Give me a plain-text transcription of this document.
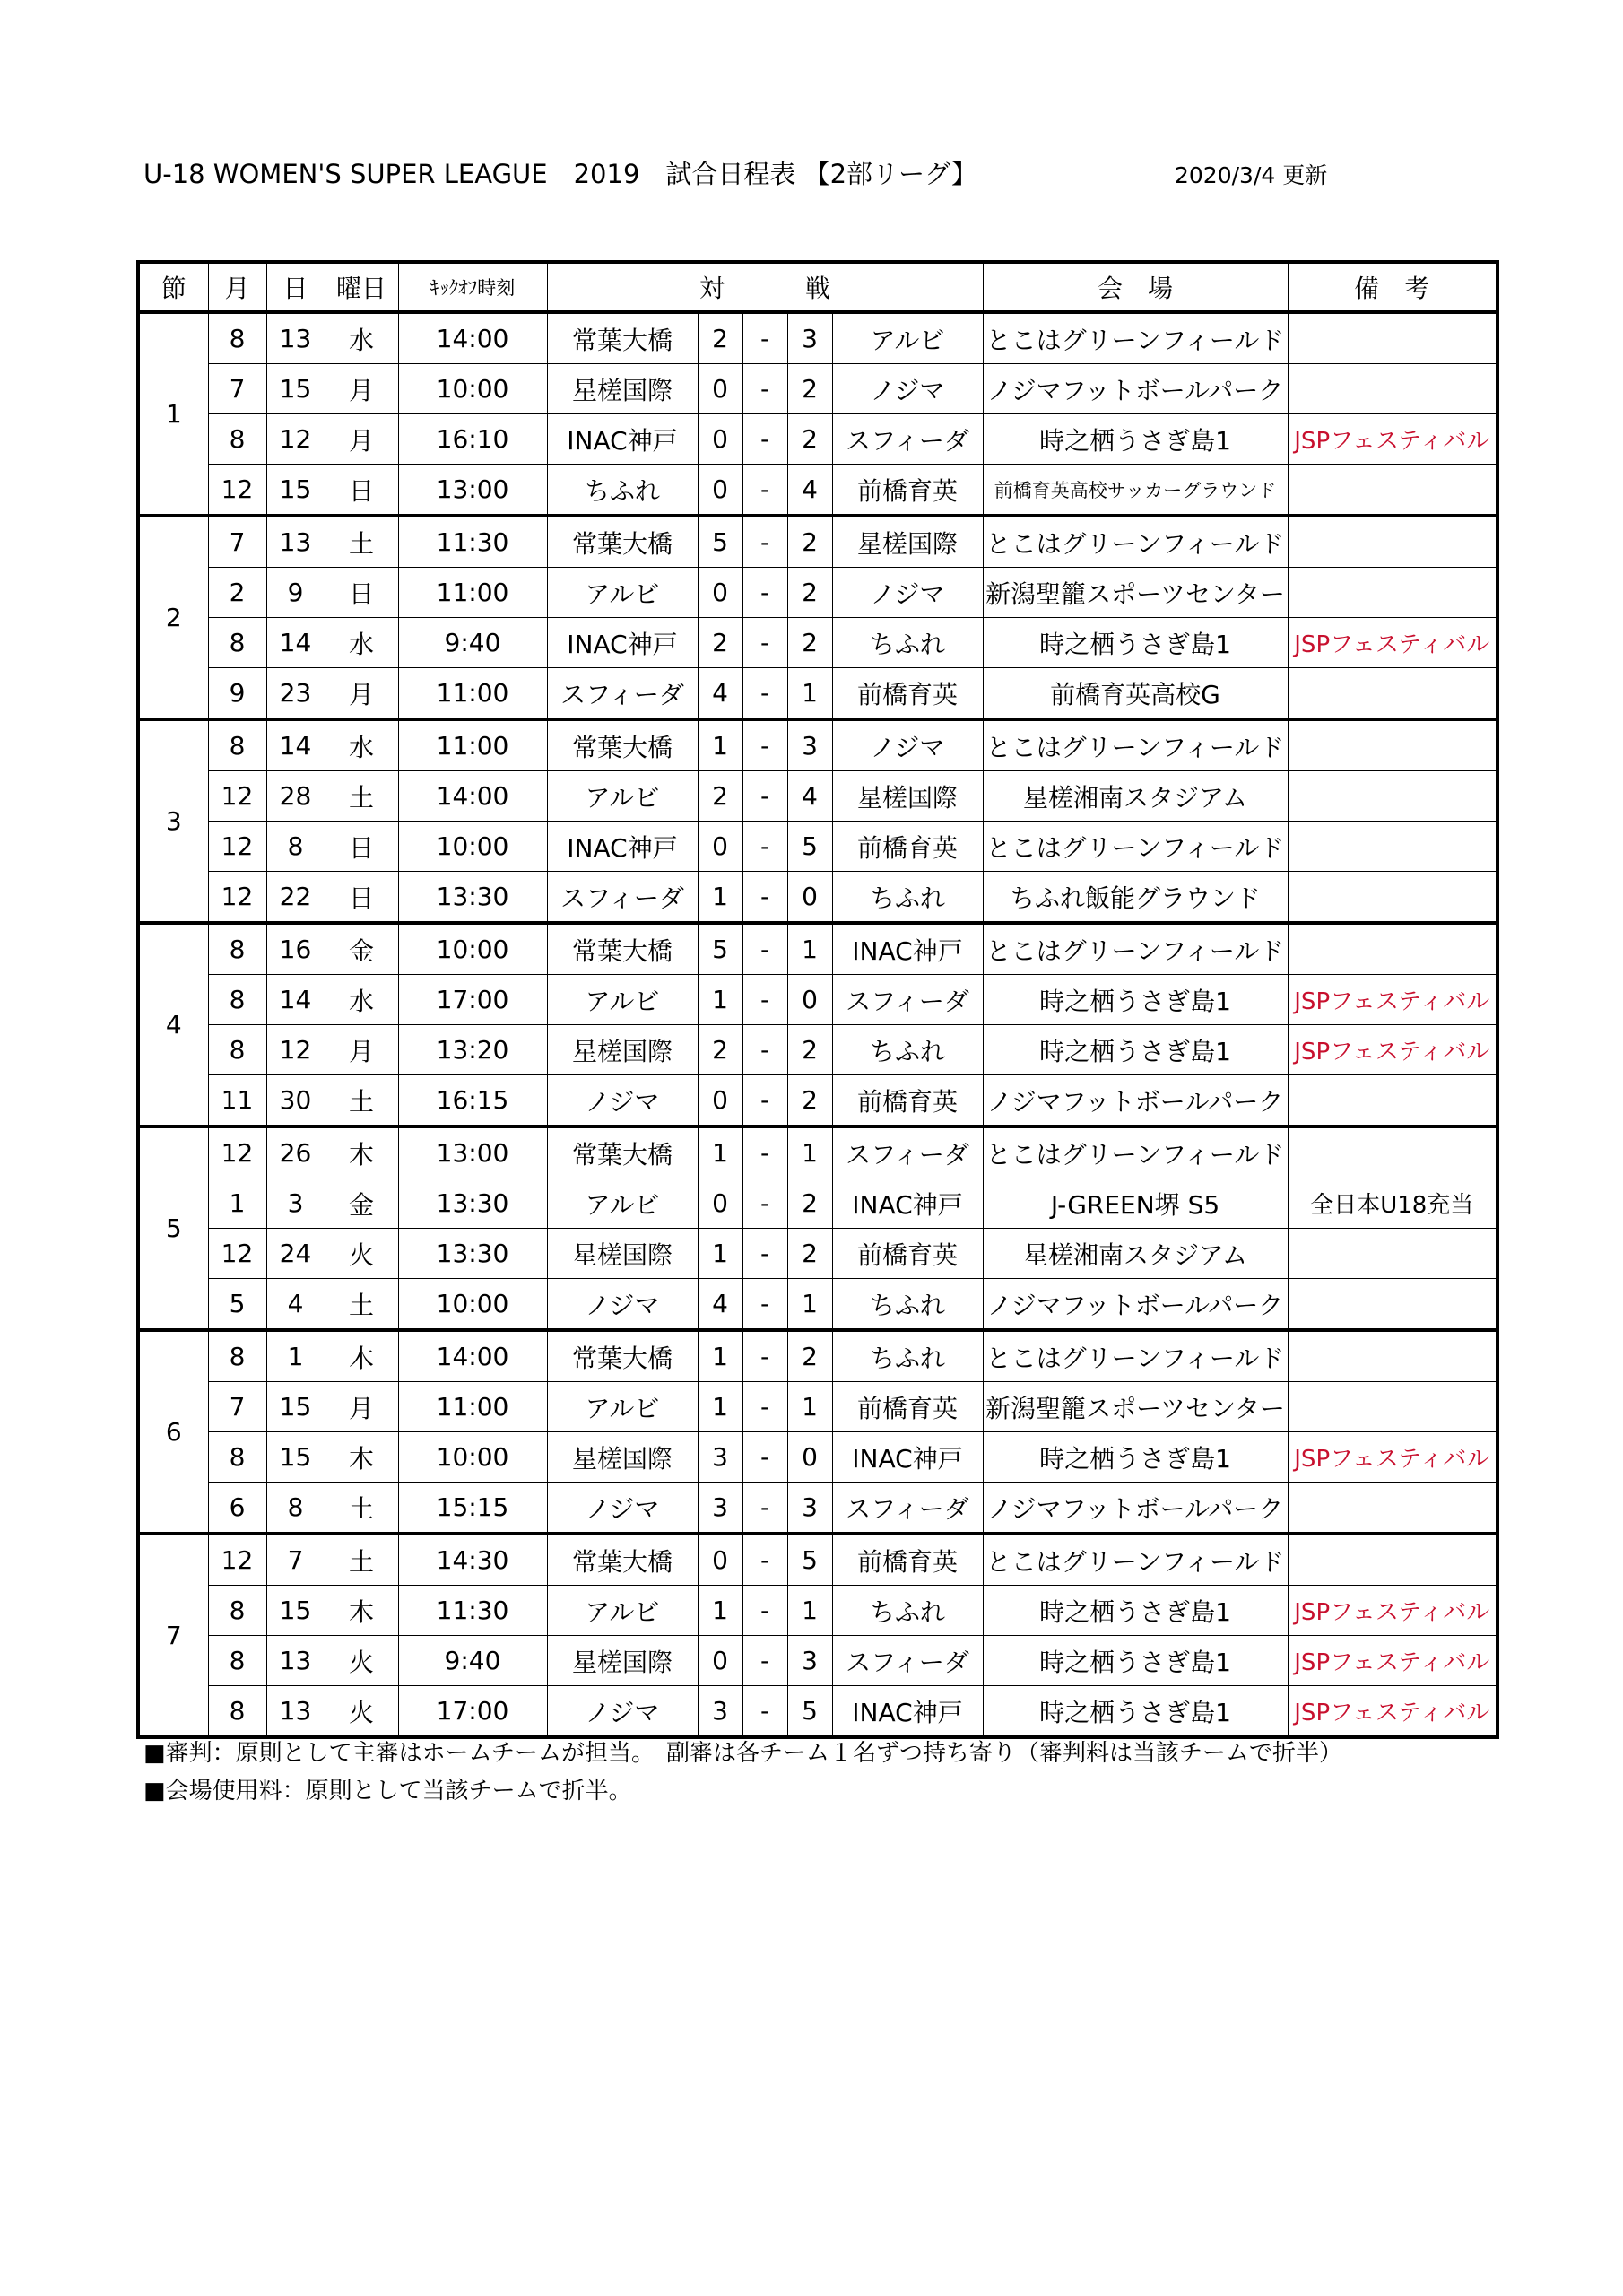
U-18 WOMEN'S SUPER LEAGUE　2019　試合日程表 【2部リーグ】	2020/3/4 更新
節	月	日	曜日	ｷｯｸｵﾌ時刻	対 戦					会　場	備　考
1	8	13	水	14:00	常葉大橋	2	-	3	アルビ	とこはグリーンフィールド	
	7	15	月	10:00	星槎国際	0	-	2	ノジマ	ノジマフットボールパーク	
	8	12	月	16:10	INAC神戸	0	-	2	スフィーダ	時之栖うさぎ島1	JSPフェスティバル
	12	15	日	13:00	ちふれ	0	-	4	前橋育英	前橋育英高校サッカーグラウンド	
2	7	13	土	11:30	常葉大橋	5	-	2	星槎国際	とこはグリーンフィールド	
	2	9	日	11:00	アルビ	0	-	2	ノジマ	新潟聖籠スポーツセンター	
	8	14	水	9:40	INAC神戸	2	-	2	ちふれ	時之栖うさぎ島1	JSPフェスティバル
	9	23	月	11:00	スフィーダ	4	-	1	前橋育英	前橋育英高校G	
3	8	14	水	11:00	常葉大橋	1	-	3	ノジマ	とこはグリーンフィールド	
	12	28	土	14:00	アルビ	2	-	4	星槎国際	星槎湘南スタジアム	
	12	8	日	10:00	INAC神戸	0	-	5	前橋育英	とこはグリーンフィールド	
	12	22	日	13:30	スフィーダ	1	-	0	ちふれ	ちふれ飯能グラウンド	
4	8	16	金	10:00	常葉大橋	5	-	1	INAC神戸	とこはグリーンフィールド	
	8	14	水	17:00	アルビ	1	-	0	スフィーダ	時之栖うさぎ島1	JSPフェスティバル
	8	12	月	13:20	星槎国際	2	-	2	ちふれ	時之栖うさぎ島1	JSPフェスティバル
	11	30	土	16:15	ノジマ	0	-	2	前橋育英	ノジマフットボールパーク	
5	12	26	木	13:00	常葉大橋	1	-	1	スフィーダ	とこはグリーンフィールド	
	1	3	金	13:30	アルビ	0	-	2	INAC神戸	J-GREEN堺 S5	全日本U18充当
	12	24	火	13:30	星槎国際	1	-	2	前橋育英	星槎湘南スタジアム	
	5	4	土	10:00	ノジマ	4	-	1	ちふれ	ノジマフットボールパーク	
6	8	1	木	14:00	常葉大橋	1	-	2	ちふれ	とこはグリーンフィールド	
	7	15	月	11:00	アルビ	1	-	1	前橋育英	新潟聖籠スポーツセンター	
	8	15	木	10:00	星槎国際	3	-	0	INAC神戸	時之栖うさぎ島1	JSPフェスティバル
	6	8	土	15:15	ノジマ	3	-	3	スフィーダ	ノジマフットボールパーク	
7	12	7	土	14:30	常葉大橋	0	-	5	前橋育英	とこはグリーンフィールド	
	8	15	木	11:30	アルビ	1	-	1	ちふれ	時之栖うさぎ島1	JSPフェスティバル
	8	13	火	9:40	星槎国際	0	-	3	スフィーダ	時之栖うさぎ島1	JSPフェスティバル
	8	13	火	17:00	ノジマ	3	-	5	INAC神戸	時之栖うさぎ島1	JSPフェスティバル

■審判：原則として主審はホームチームが担当。　副審は各チーム１名ずつ持ち寄り（審判料は当該チームで折半）

■会場使用料：原則として当該チームで折半。
